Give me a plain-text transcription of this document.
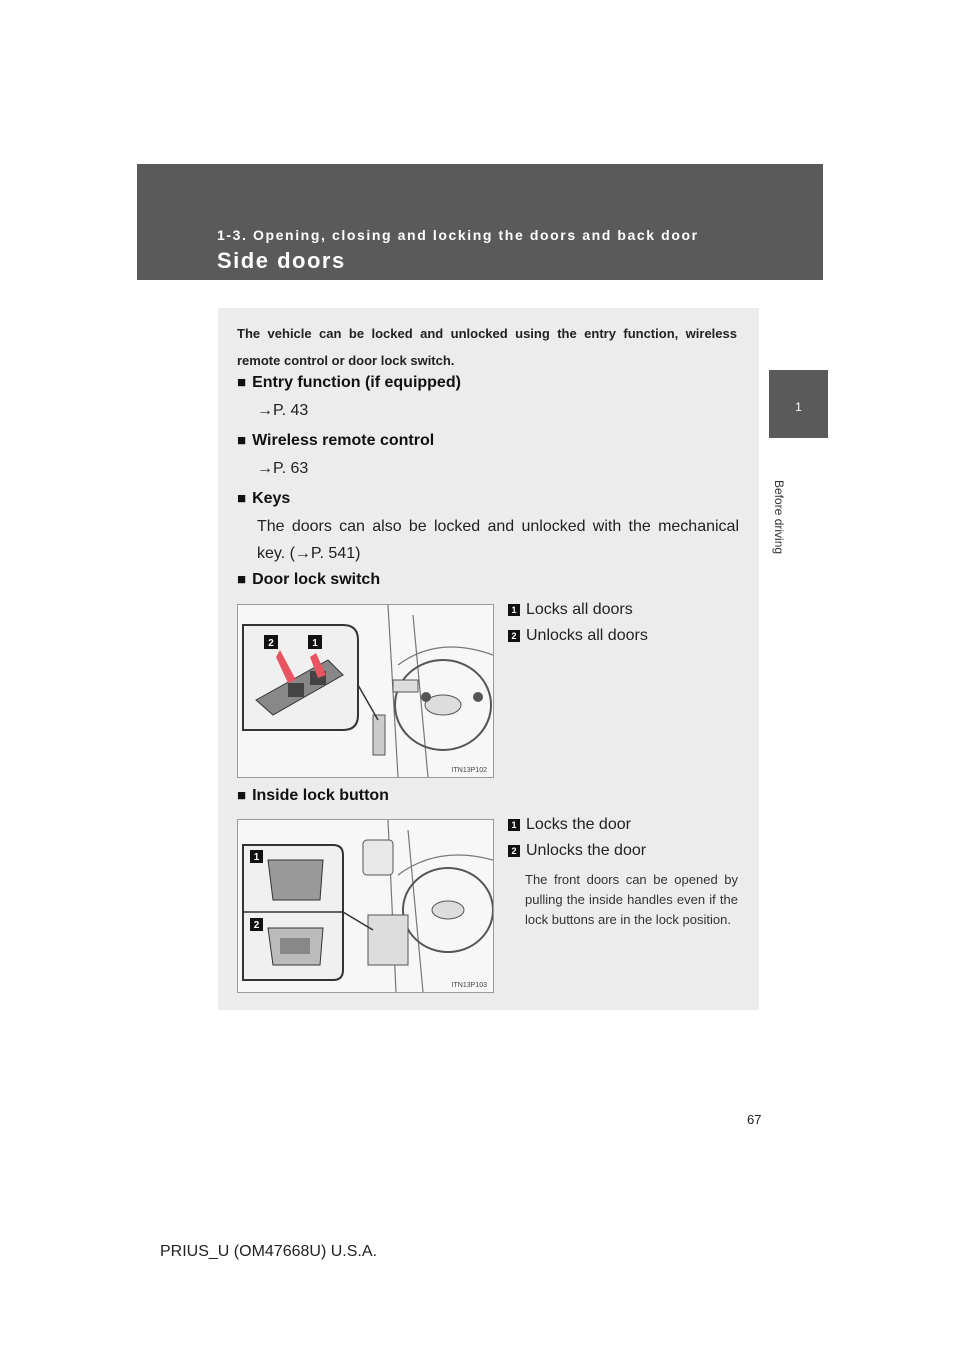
1-3. Opening, closing and locking the doors and back door
Side doors
1
Before driving
The vehicle can be locked and unlocked using the entry function, wireless remote control or door lock switch.
■ Entry function (if equipped)
→P. 43
■ Wireless remote control
→P. 63
■ Keys
The doors can also be locked and unlocked with the mechanical key. (→P. 541)
■ Door lock switch
2	1
ITN13P102
1 Locks all doors
2 Unlocks all doors
■ Inside lock button
1
2
ITN13P103
1 Locks the door
2 Unlocks the door
The front doors can be opened by pulling the inside handles even if the lock buttons are in the lock position.
67
PRIUS_U (OM47668U) U.S.A.
